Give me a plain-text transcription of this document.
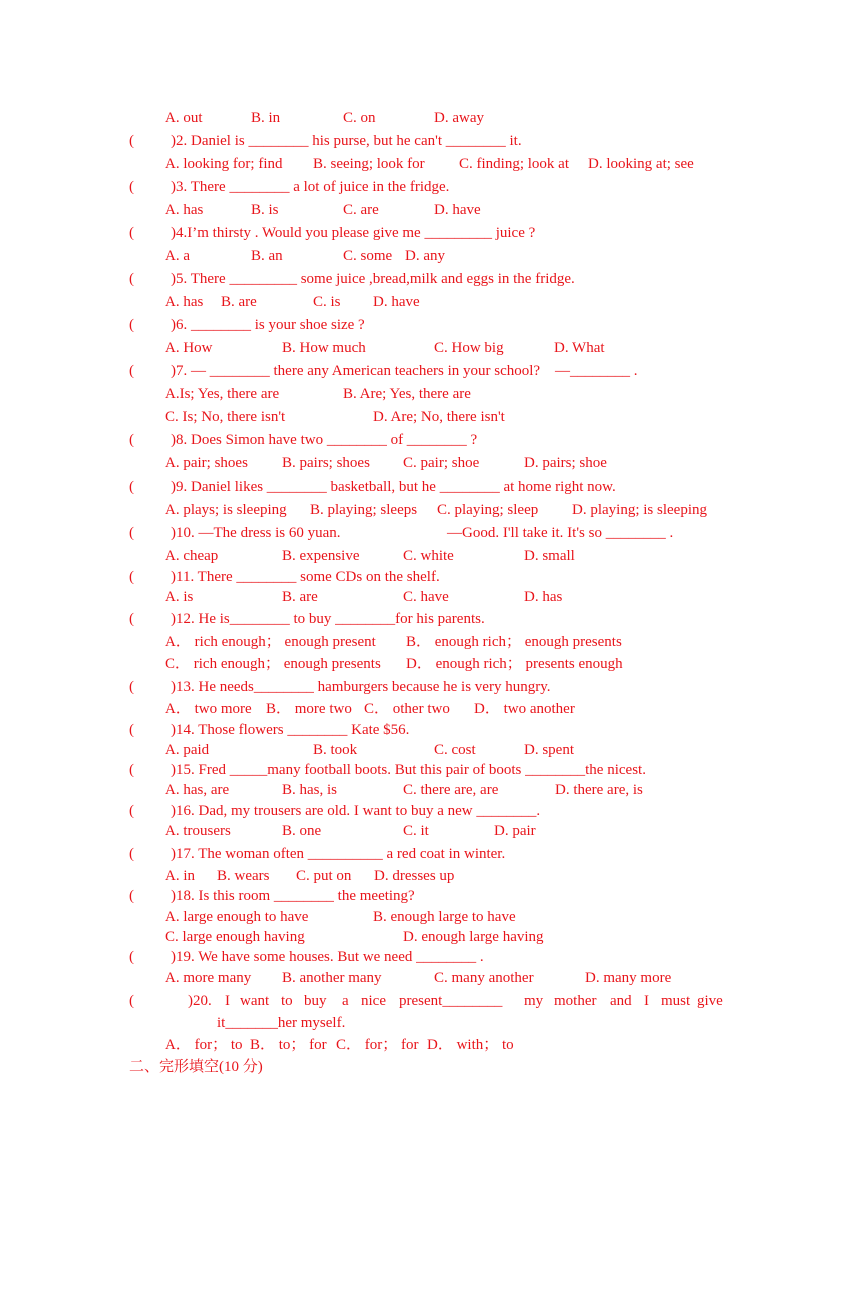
A. out

	B. in

	C. on

	D. away

(

)2. Daniel is ________ his purse, but he can't ________ it.

A. looking for; find

B. seeing; look for

C. finding; look at

D. looking at; see

(

)3. There ________ a lot of juice in the fridge.

A. has

	B. is

	C. are

	D. have

(

)4.I’m thirsty . Would you please give me _________ juice ?

A. a

	B. an

	C. some

D. any

(

)5. There _________ some juice ,bread,milk and eggs in the fridge.

A. has

B. are

	C. is

D. have

(

)6. ________ is your shoe size ?

A. How

	B. How much

	C. How big

	D. What

(

)7. — ________ there any American teachers in your school?    —________ .

A.Is; Yes, there are

	B. Are; Yes, there are

C. Is; No, there isn't

	D. Are; No, there isn't

(

)8. Does Simon have two ________ of ________ ?

A. pair; shoes

B. pairs; shoes

C. pair; shoe

	D. pairs; shoe

(

)9. Daniel likes ________ basketball, but he ________ at home right now.

A. plays; is sleeping

B. playing; sleeps

C. playing; sleep

D. playing; is sleeping

(

)10. —The dress is 60 yuan.

	—Good. I'll take it. It's so ________ .

A. cheap

	B. expensive

	C. white

	D. small

(

)11. There ________ some CDs on the shelf.

A. is

	B. are

	C. have

	D. has

(

)12. He is________ to buy ________for his parents.

A． rich enough； enough present

B． enough rich； enough presents

C． rich enough； enough presents

D． enough rich； presents enough

(

)13. He needs________ hamburgers because he is very hungry.

A． two more

B． more two

C． other two

D． two another

(

)14. Those flowers ________ Kate $56.

A. paid

	B. took

	C. cost

	D. spent

(

)15. Fred _____many football boots. But this pair of boots ________the nicest.

A. has, are

	B. has, is

	C. there are, are

	D. there are, is

(

)16. Dad, my trousers are old. I want to buy a new ________.

A. trousers

	B. one

	C. it

	D. pair

(

)17. The woman often __________ a red coat in winter.

A. in

B. wears

C. put on

D. dresses up

(

)18. Is this room ________ the meeting?

A. large enough to have

	B. enough large to have

C. large enough having

	D. enough large having

(

)19. We have some houses. But we need ________ .

A. more many

B. another many

	C. many another

	D. many more

(

	)20.

I

want

to

buy

a

nice

present________

my

mother

and

I

must

give

it_______her myself.

A． for； to

B． to； for

C． for； for

D． with； to

二、完形填空(10 分)
